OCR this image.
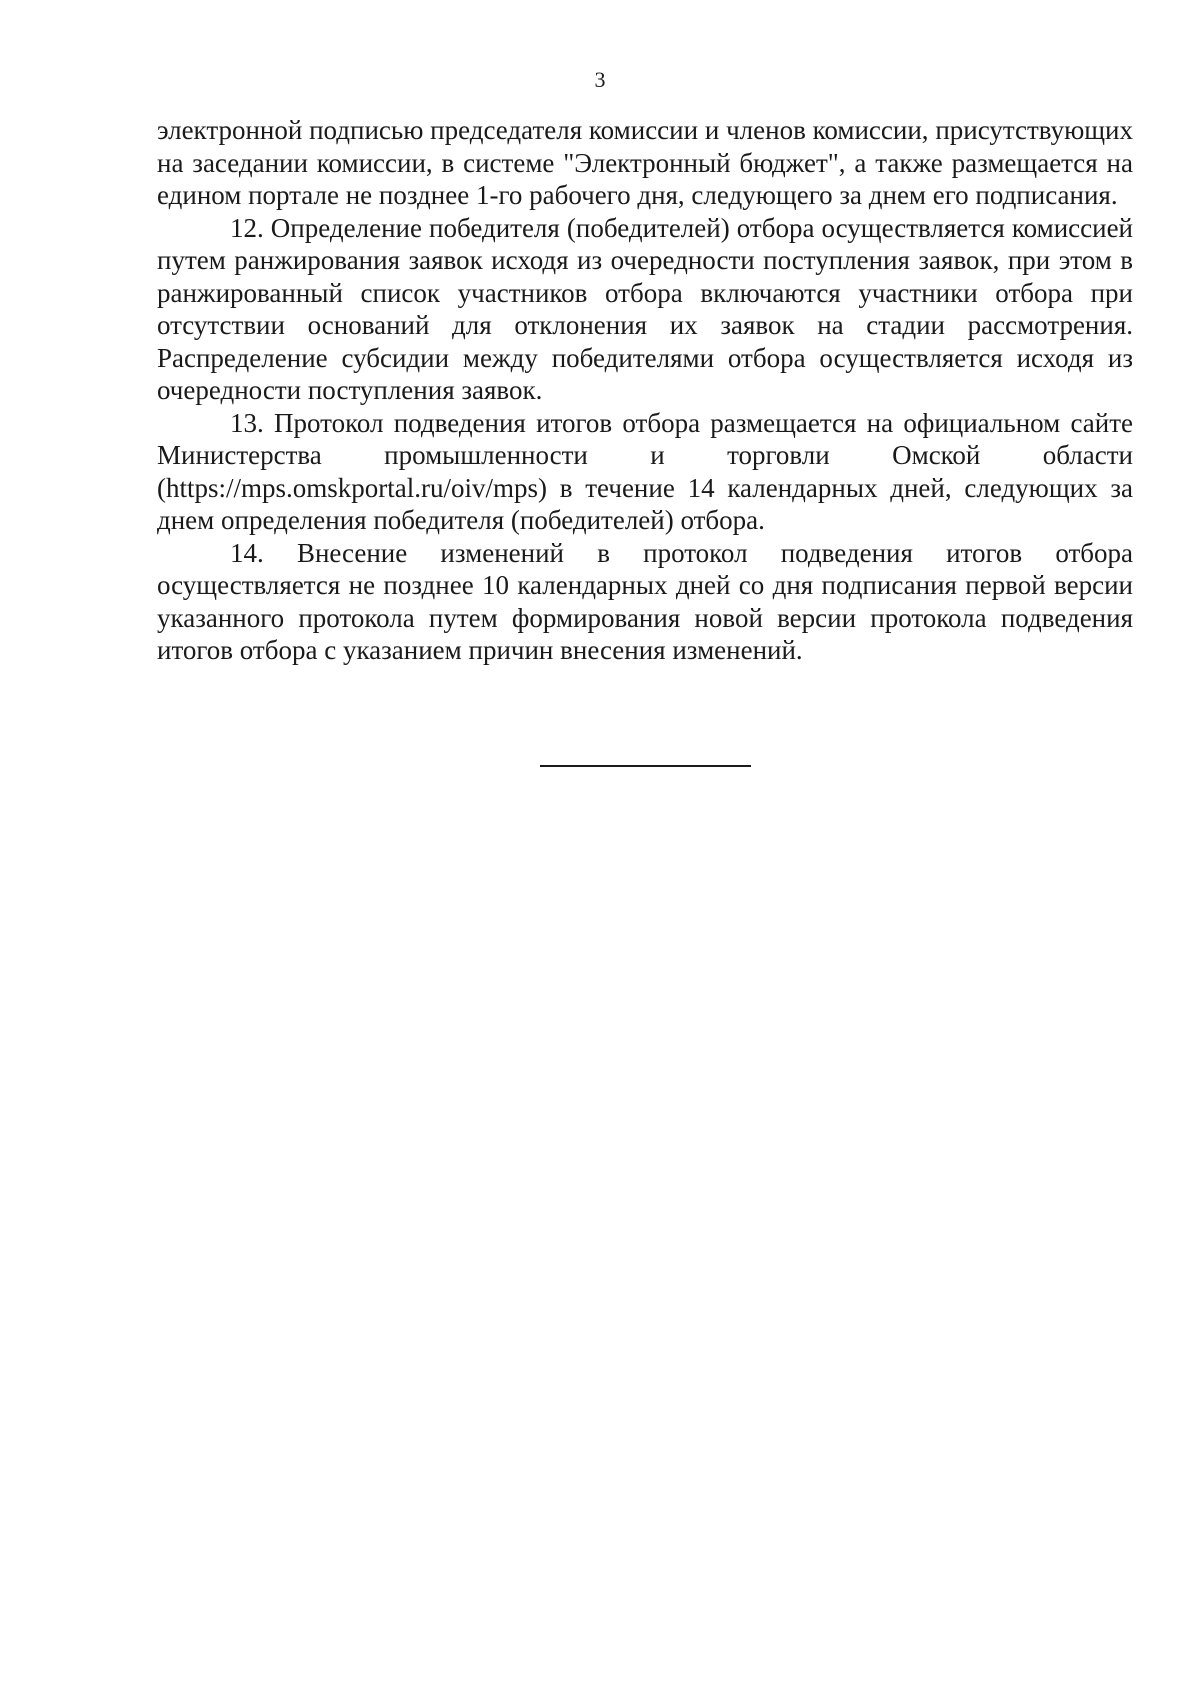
3

электронной подписью председателя комиссии и членов комиссии, присутствующих на заседании комиссии, в системе "Электронный бюджет", а также размещается на едином портале не позднее 1-го рабочего дня, следующего за днем его подписания.

12. Определение победителя (победителей) отбора осуществляется комиссией путем ранжирования заявок исходя из очередности поступления заявок, при этом в ранжированный список участников отбора включаются участники отбора при отсутствии оснований для отклонения их заявок на стадии рассмотрения. Распределение субсидии между победителями отбора осуществляется исходя из очередности поступления заявок.

13. Протокол подведения итогов отбора размещается на официальном сайте Министерства промышленности и торговли Омской области (https://mps.omskportal.ru/oiv/mps) в течение 14 календарных дней, следующих за днем определения победителя (победителей) отбора.

14. Внесение изменений в протокол подведения итогов отбора осуществляется не позднее 10 календарных дней со дня подписания первой версии указанного протокола путем формирования новой версии протокола подведения итогов отбора с указанием причин внесения изменений.
